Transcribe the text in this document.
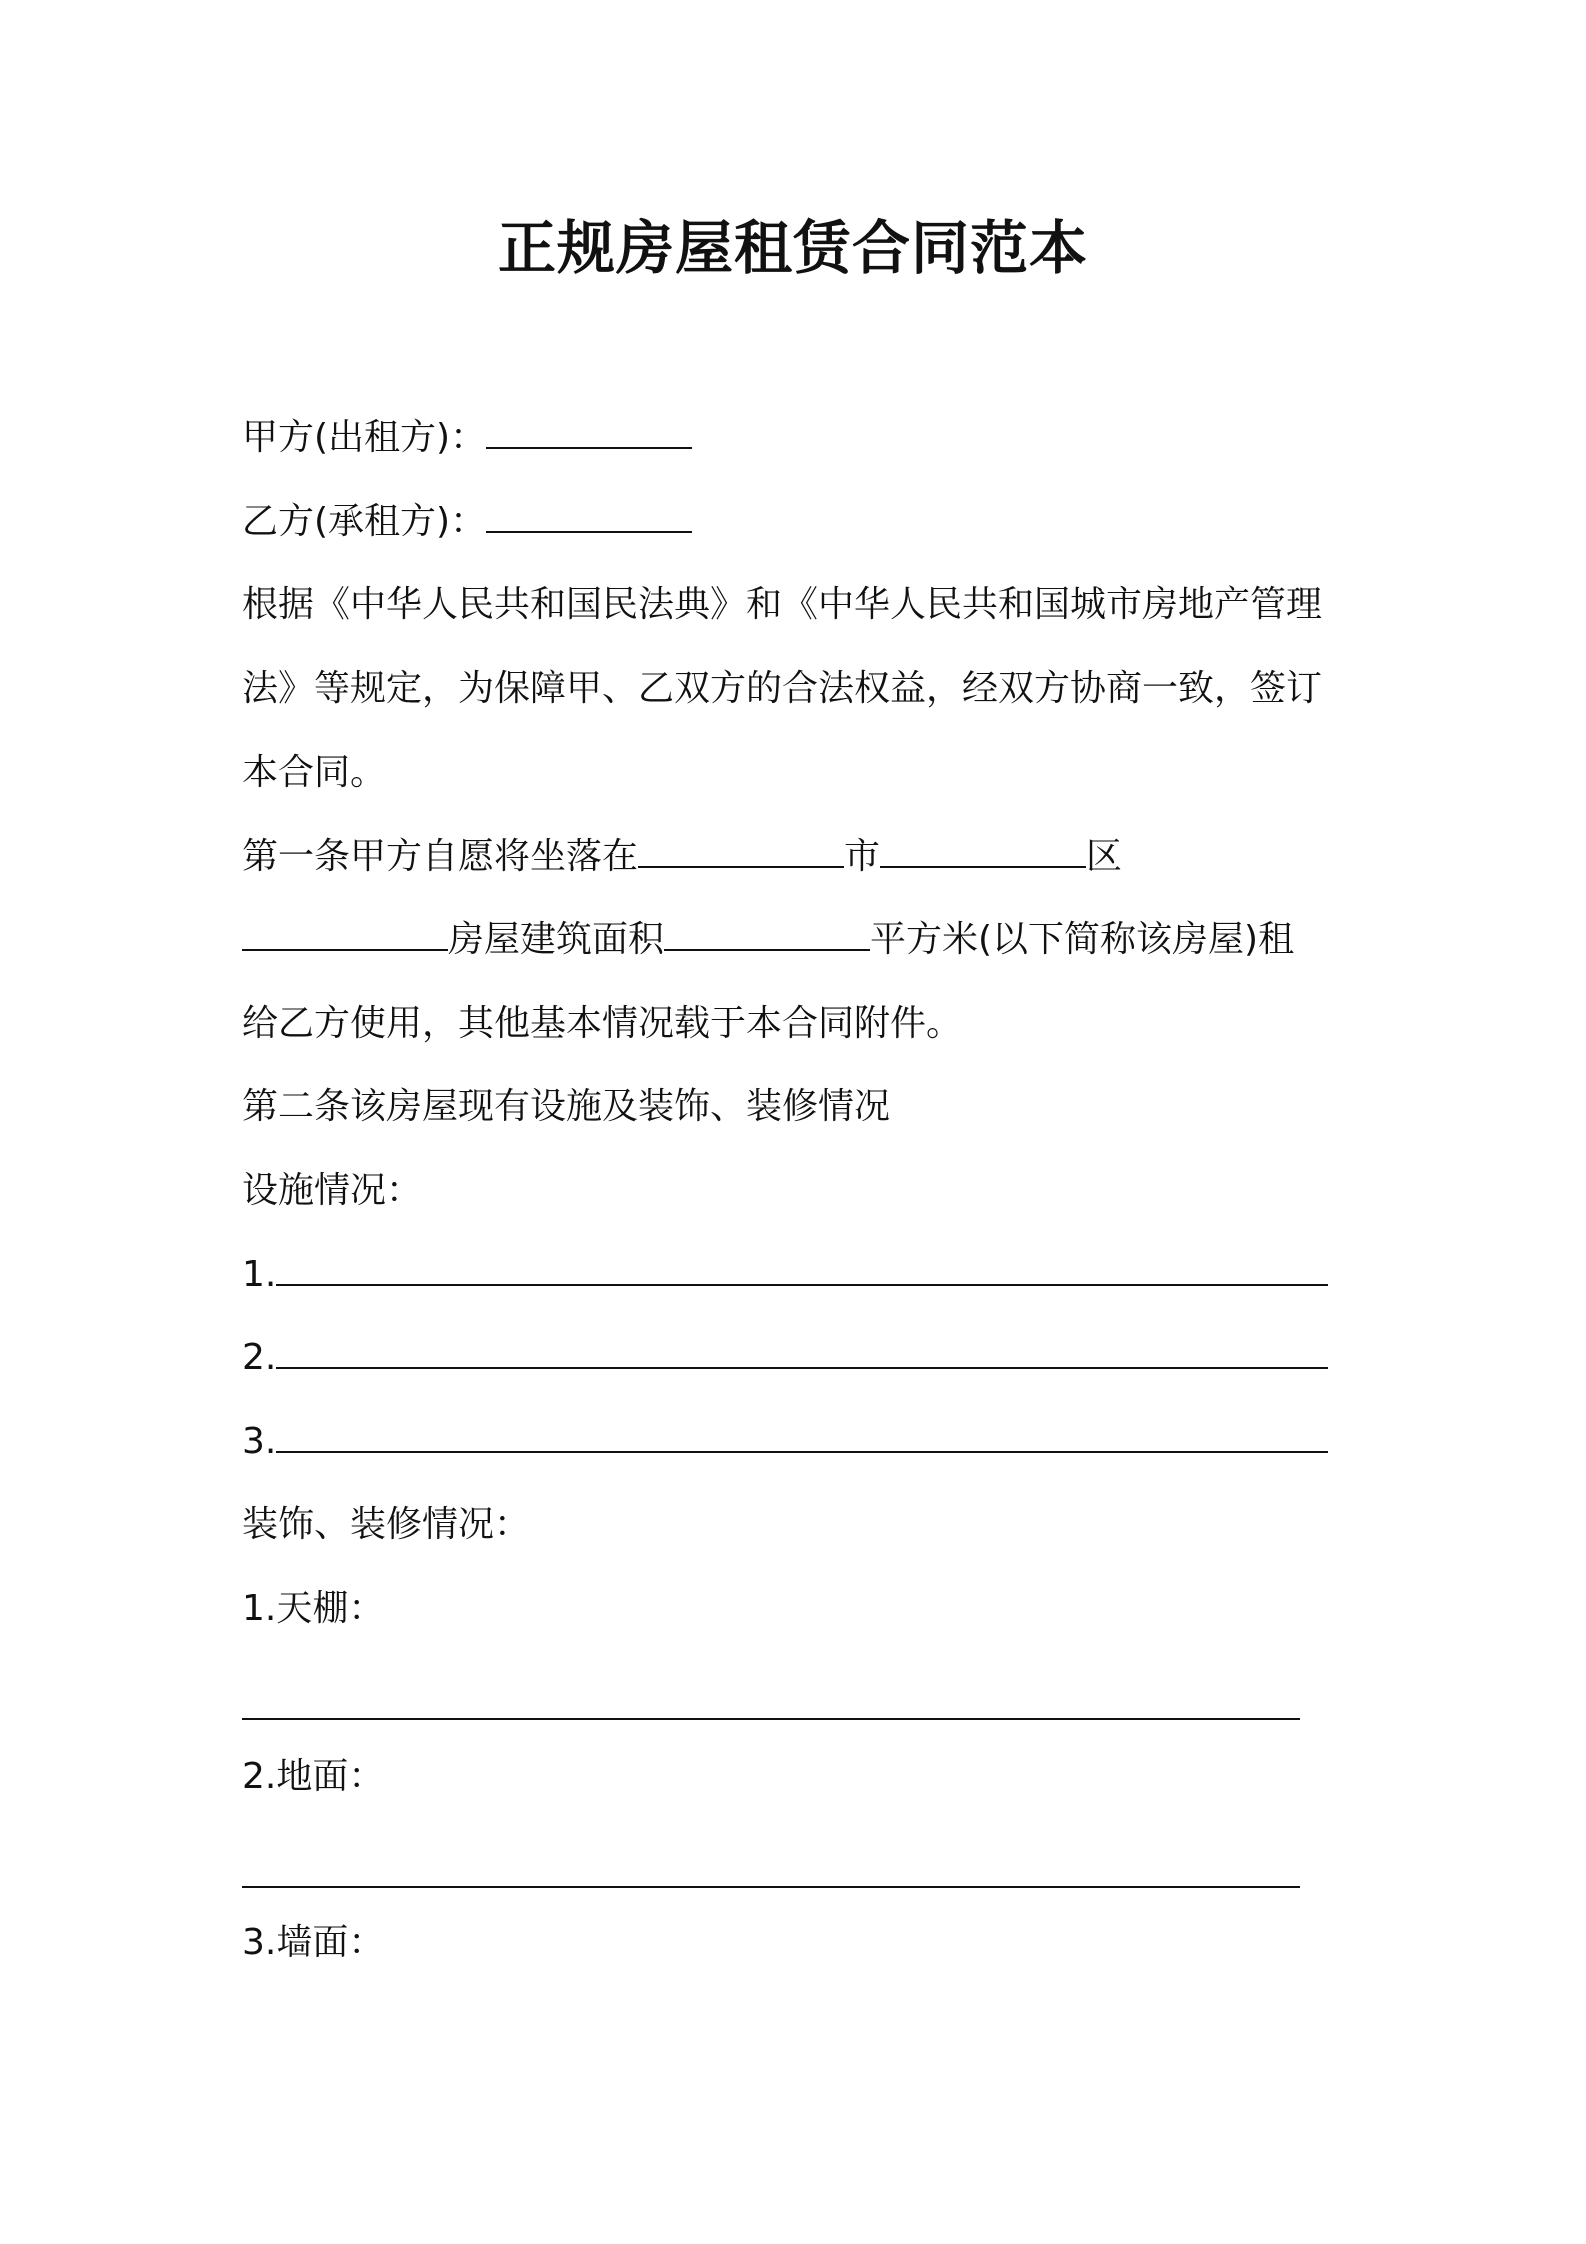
正规房屋租赁合同范本

甲方(出租方)：

乙方(承租方)：

根据《中华人民共和国民法典》和《中华人民共和国城市房地产管理

法》等规定，为保障甲、乙双方的合法权益，经双方协商一致，签订

本合同。

第一条甲方自愿将坐落在	市	区

房屋建筑面积	平方米(以下简称该房屋)租

给乙方使用，其他基本情况载于本合同附件。

第二条该房屋现有设施及装饰、装修情况

设施情况：

1.

2.

3.

装饰、装修情况：

1.天棚：

2.地面：

3.墙面：
